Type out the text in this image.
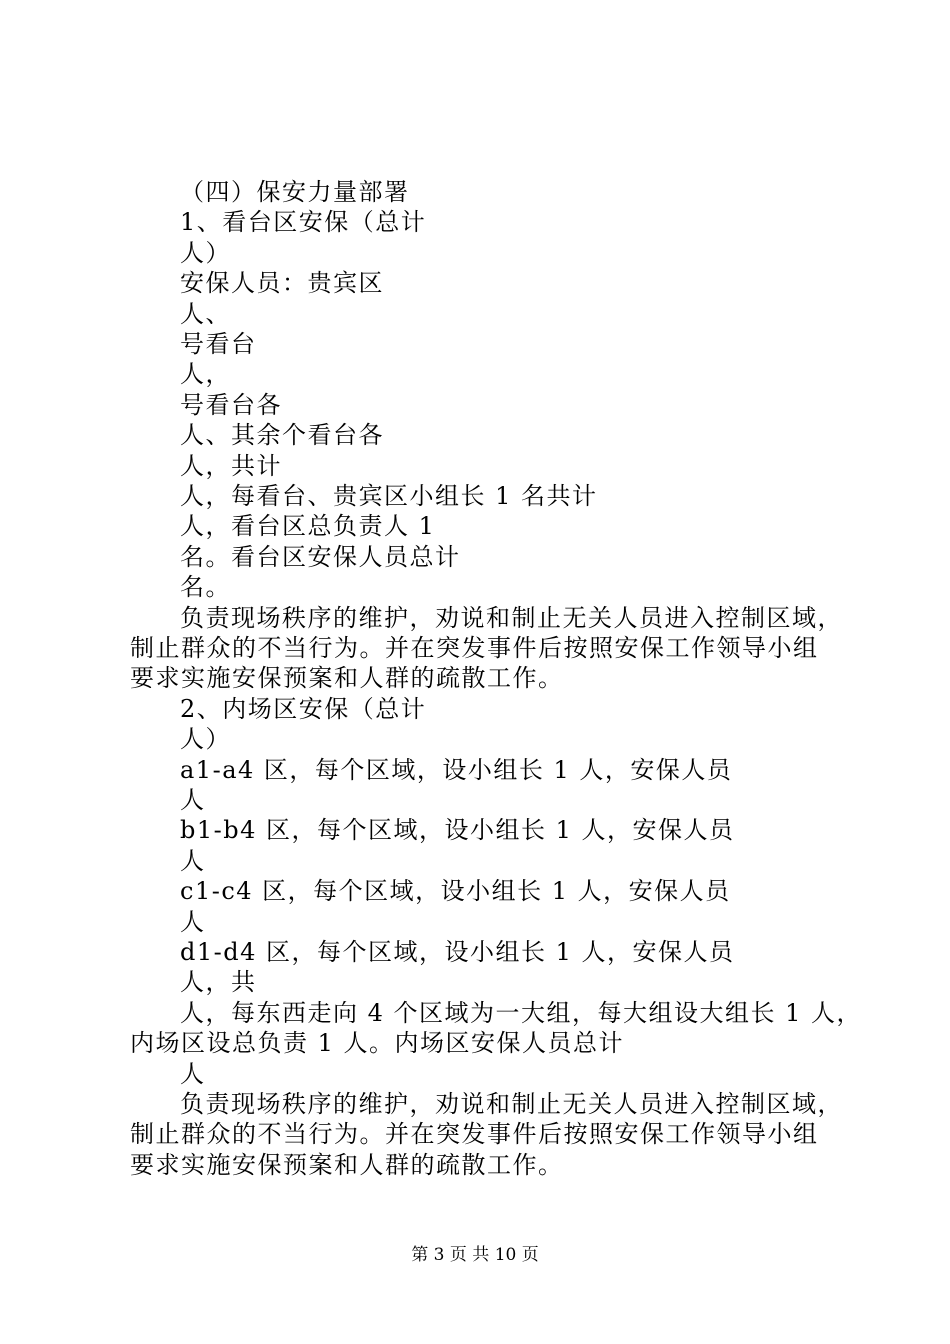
（四）保安力量部署
1、看台区安保（总计
人）
安保人员：贵宾区
人、
号看台
人，
号看台各
人、其余个看台各
人，共计
人，每看台、贵宾区小组长 1 名共计
人，看台区总负责人 1
名。看台区安保人员总计
名。
负责现场秩序的维护，劝说和制止无关人员进入控制区域，
制止群众的不当行为。并在突发事件后按照安保工作领导小组
要求实施安保预案和人群的疏散工作。
2、内场区安保（总计
人）
a1-a4 区，每个区域，设小组长 1 人，安保人员
人
b1-b4 区，每个区域，设小组长 1 人，安保人员
人
c1-c4 区，每个区域，设小组长 1 人，安保人员
人
d1-d4 区，每个区域，设小组长 1 人，安保人员
人，共
人，每东西走向 4 个区域为一大组，每大组设大组长 1 人，
内场区设总负责 1 人。内场区安保人员总计
人
负责现场秩序的维护，劝说和制止无关人员进入控制区域，
制止群众的不当行为。并在突发事件后按照安保工作领导小组
要求实施安保预案和人群的疏散工作。
第 3 页 共 10 页
